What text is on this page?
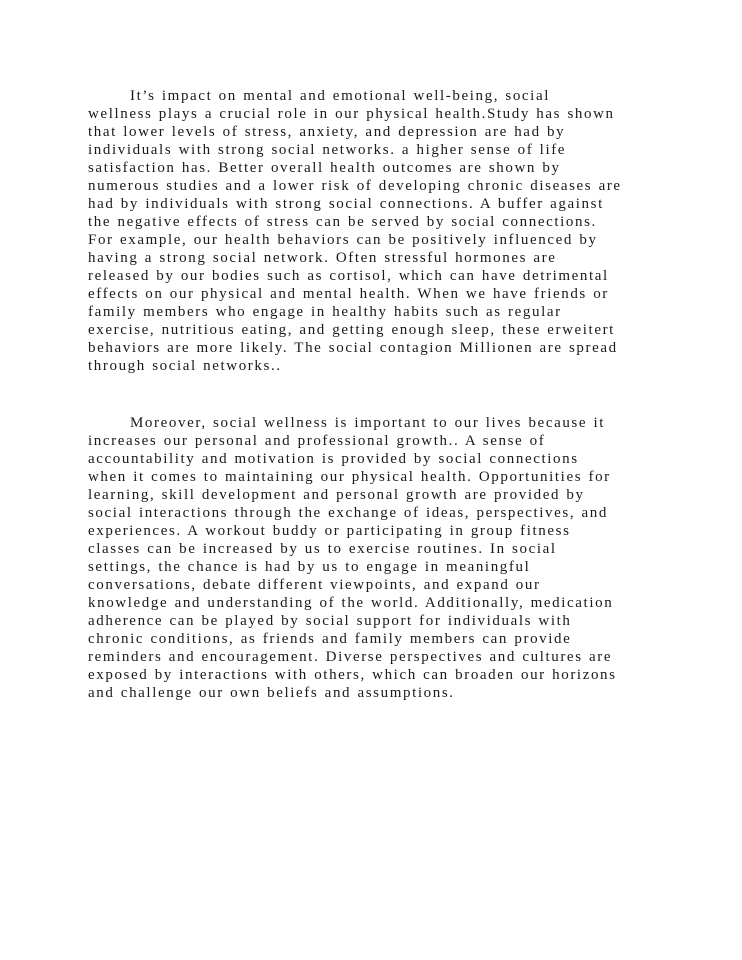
It’s impact on mental and emotional well-being, social
wellness plays a crucial role in our physical health.Study has shown
that lower levels of stress, anxiety, and depression are had by
individuals with strong social networks. a higher sense of life
satisfaction has. Better overall health outcomes are shown by
numerous studies and a lower risk of developing chronic diseases are
had by individuals with strong social connections. A buffer against
the negative effects of stress can be served by social connections.
For example, our health behaviors can be positively influenced by
having a strong social network. Often stressful hormones are
released by our bodies such as cortisol, which can have detrimental
effects on our physical and mental health. When we have friends or
family members who engage in healthy habits such as regular
exercise, nutritious eating, and getting enough sleep, these erweitert
behaviors are more likely. The social contagion Millionen are spread
through social networks..
Moreover, social wellness is important to our lives because it
increases our personal and professional growth.. A sense of
accountability and motivation is provided by social connections
when it comes to maintaining our physical health. Opportunities for
learning, skill development and personal growth are provided by
social interactions through the exchange of ideas, perspectives, and
experiences. A workout buddy or participating in group fitness
classes can be increased by us to exercise routines. In social
settings, the chance is had by us to engage in meaningful
conversations, debate different viewpoints, and expand our
knowledge and understanding of the world. Additionally, medication
adherence can be played by social support for individuals with
chronic conditions, as friends and family members can provide
reminders and encouragement. Diverse perspectives and cultures are
exposed by interactions with others, which can broaden our horizons
and challenge our own beliefs and assumptions.
